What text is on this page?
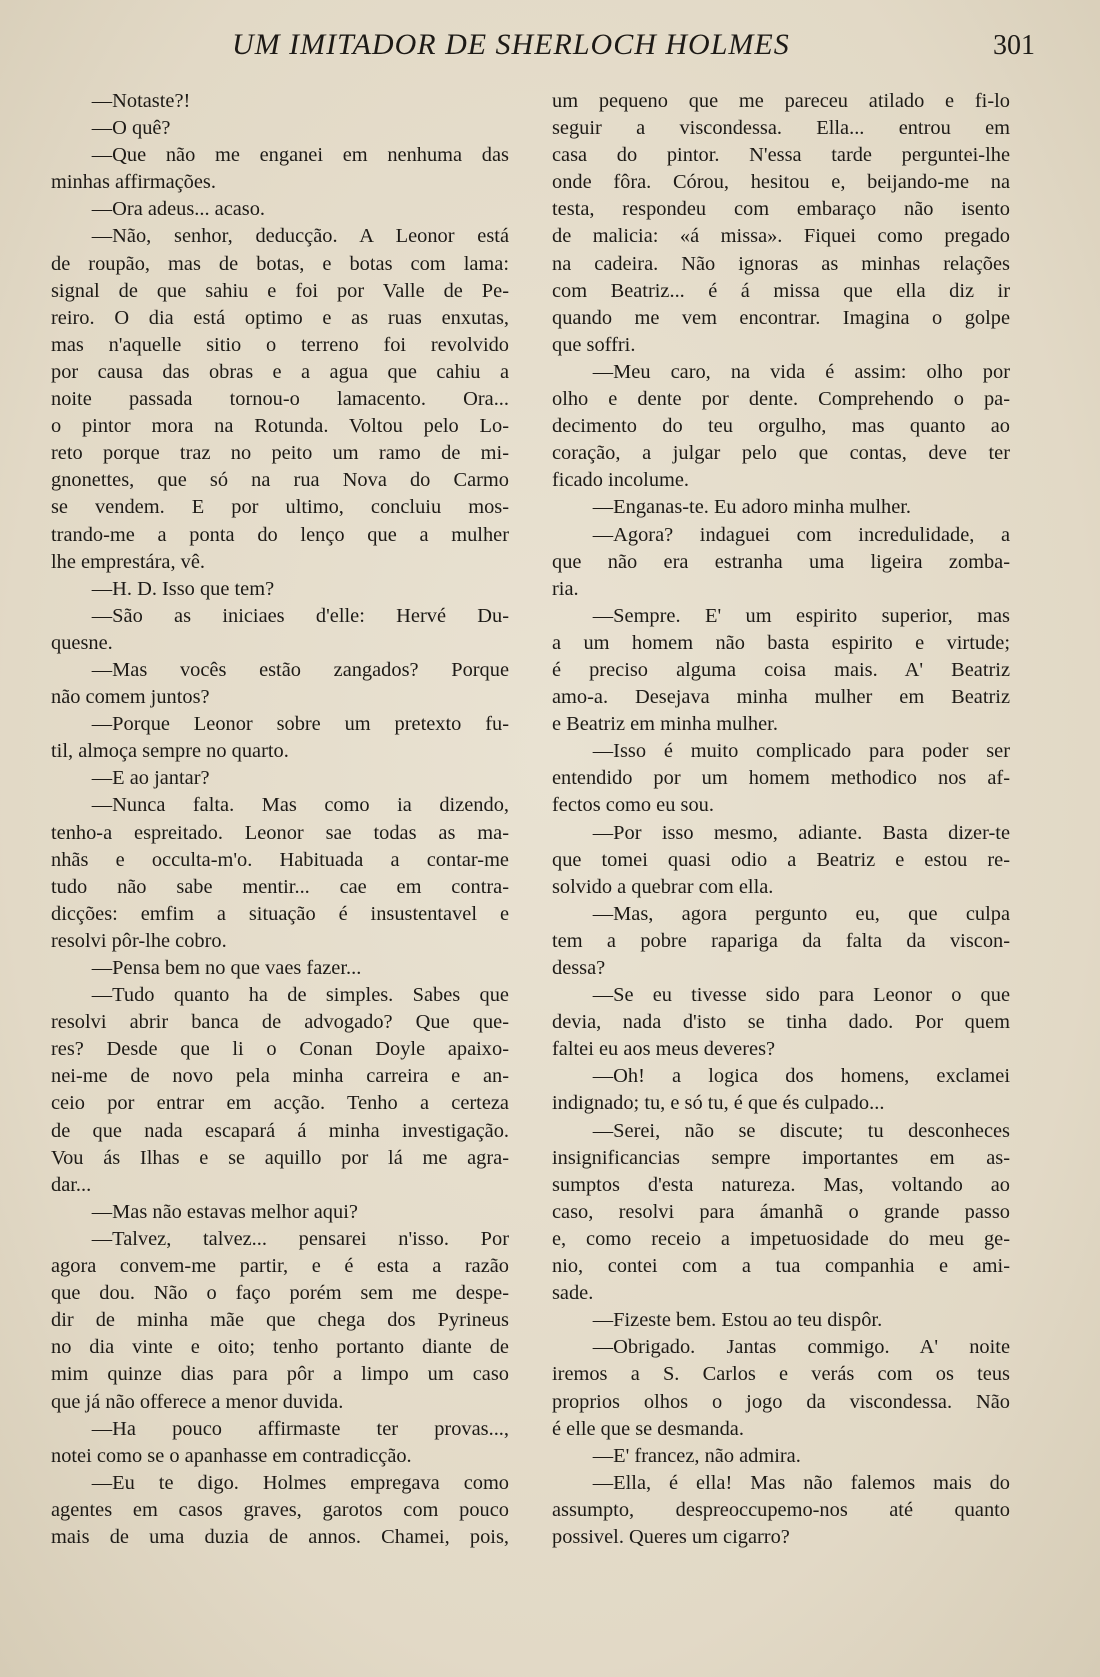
UM IMITADOR DE SHERLOCH HOLMES	301
  —Notaste?!
  —O quê?
  —Que não me enganei em nenhuma das
minhas affirmações.
  —Ora adeus... acaso.
  —Não, senhor, deducção. A Leonor está
de roupão, mas de botas, e botas com lama:
signal de que sahiu e foi por Valle de Pe-
reiro. O dia está optimo e as ruas enxutas,
mas n'aquelle sitio o terreno foi revolvido
por causa das obras e a agua que cahiu a
noite passada tornou-o lamacento. Ora...
o pintor mora na Rotunda. Voltou pelo Lo-
reto porque traz no peito um ramo de mi-
gnonettes, que só na rua Nova do Carmo
se vendem. E por ultimo, concluiu mos-
trando-me a ponta do lenço que a mulher
lhe emprestára, vê.
  —H. D. Isso que tem?
  —São as iniciaes d'elle: Hervé Du-
quesne.
  —Mas vocês estão zangados? Porque
não comem juntos?
  —Porque Leonor sobre um pretexto fu-
til, almoça sempre no quarto.
  —E ao jantar?
  —Nunca falta. Mas como ia dizendo,
tenho-a espreitado. Leonor sae todas as ma-
nhãs e occulta-m'o. Habituada a contar-me
tudo não sabe mentir... cae em contra-
dicções: emfim a situação é insustentavel e
resolvi pôr-lhe cobro.
  —Pensa bem no que vaes fazer...
  —Tudo quanto ha de simples. Sabes que
resolvi abrir banca de advogado? Que que-
res? Desde que li o Conan Doyle apaixo-
nei-me de novo pela minha carreira e an-
ceio por entrar em acção. Tenho a certeza
de que nada escapará á minha investigação.
Vou ás Ilhas e se aquillo por lá me agra-
dar...
  —Mas não estavas melhor aqui?
  —Talvez, talvez... pensarei n'isso. Por
agora convem-me partir, e é esta a razão
que dou. Não o faço porém sem me despe-
dir de minha mãe que chega dos Pyrineus
no dia vinte e oito; tenho portanto diante de
mim quinze dias para pôr a limpo um caso
que já não offerece a menor duvida.
  —Ha pouco affirmaste ter provas...,
notei como se o apanhasse em contradicção.
  —Eu te digo. Holmes empregava como
agentes em casos graves, garotos com pouco
mais de uma duzia de annos. Chamei, pois,
um pequeno que me pareceu atilado e fi-lo
seguir a viscondessa. Ella... entrou em
casa do pintor. N'essa tarde perguntei-lhe
onde fôra. Córou, hesitou e, beijando-me na
testa, respondeu com embaraço não isento
de malicia: «á missa». Fiquei como pregado
na cadeira. Não ignoras as minhas relações
com Beatriz... é á missa que ella diz ir
quando me vem encontrar. Imagina o golpe
que soffri.
  —Meu caro, na vida é assim: olho por
olho e dente por dente. Comprehendo o pa-
decimento do teu orgulho, mas quanto ao
coração, a julgar pelo que contas, deve ter
ficado incolume.
  —Enganas-te. Eu adoro minha mulher.
  —Agora? indaguei com incredulidade, a
que não era estranha uma ligeira zomba-
ria.
  —Sempre. E' um espirito superior, mas
a um homem não basta espirito e virtude;
é preciso alguma coisa mais. A' Beatriz
amo-a. Desejava minha mulher em Beatriz
e Beatriz em minha mulher.
  —Isso é muito complicado para poder ser
entendido por um homem methodico nos af-
fectos como eu sou.
  —Por isso mesmo, adiante. Basta dizer-te
que tomei quasi odio a Beatriz e estou re-
solvido a quebrar com ella.
  —Mas, agora pergunto eu, que culpa
tem a pobre rapariga da falta da viscon-
dessa?
  —Se eu tivesse sido para Leonor o que
devia, nada d'isto se tinha dado. Por quem
faltei eu aos meus deveres?
  —Oh! a logica dos homens, exclamei
indignado; tu, e só tu, é que és culpado...
  —Serei, não se discute; tu desconheces
insignificancias sempre importantes em as-
sumptos d'esta natureza. Mas, voltando ao
caso, resolvi para ámanhã o grande passo
e, como receio a impetuosidade do meu ge-
nio, contei com a tua companhia e ami-
sade.
  —Fizeste bem. Estou ao teu dispôr.
  —Obrigado. Jantas commigo. A' noite
iremos a S. Carlos e verás com os teus
proprios olhos o jogo da viscondessa. Não
é elle que se desmanda.
  —E' francez, não admira.
  —Ella, é ella! Mas não falemos mais do
assumpto, despreoccupemo-nos até quanto
possivel. Queres um cigarro?
